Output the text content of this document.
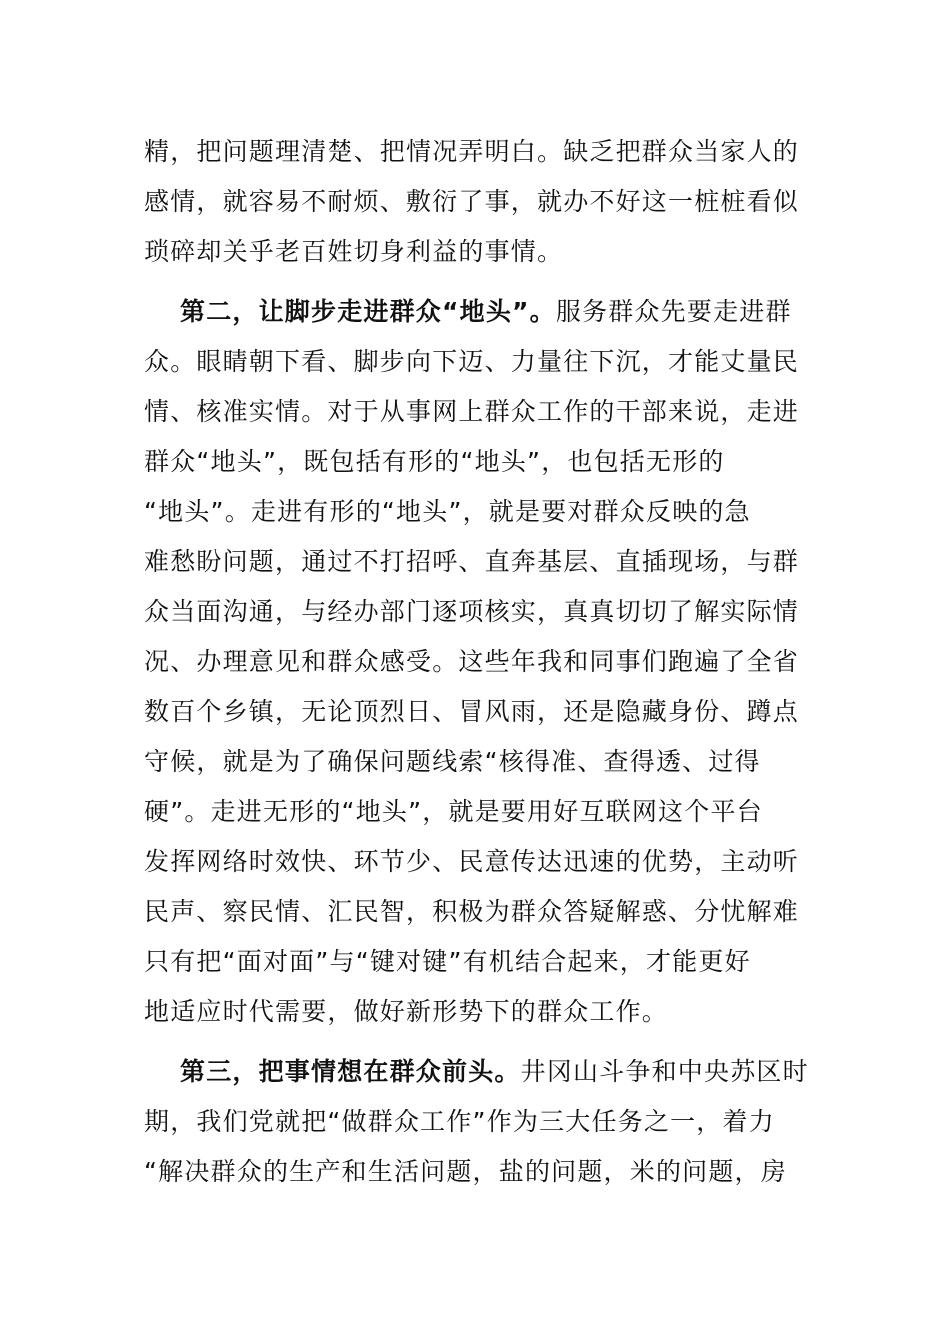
精，把问题理清楚、把情况弄明白。缺乏把群众当家人的
感情，就容易不耐烦、敷衍了事，就办不好这一桩桩看似
琐碎却关乎老百姓切身利益的事情。
第二，让脚步走进群众“地头”。服务群众先要走进群
众。眼睛朝下看、脚步向下迈、力量往下沉，才能丈量民
情、核准实情。对于从事网上群众工作的干部来说，走进
群众“地头”，既包括有形的“地头”，也包括无形的
“地头”。走进有形的“地头”，就是要对群众反映的急
难愁盼问题，通过不打招呼、直奔基层、直插现场，与群
众当面沟通，与经办部门逐项核实，真真切切了解实际情
况、办理意见和群众感受。这些年我和同事们跑遍了全省
数百个乡镇，无论顶烈日、冒风雨，还是隐藏身份、蹲点
守候，就是为了确保问题线索“核得准、查得透、过得
硬”。走进无形的“地头”，就是要用好互联网这个平台
发挥网络时效快、环节少、民意传达迅速的优势，主动听
民声、察民情、汇民智，积极为群众答疑解惑、分忧解难
只有把“面对面”与“键对键”有机结合起来，才能更好
地适应时代需要，做好新形势下的群众工作。
第三，把事情想在群众前头。井冈山斗争和中央苏区时
期，我们党就把“做群众工作”作为三大任务之一，着力
“解决群众的生产和生活问题，盐的问题，米的问题，房
